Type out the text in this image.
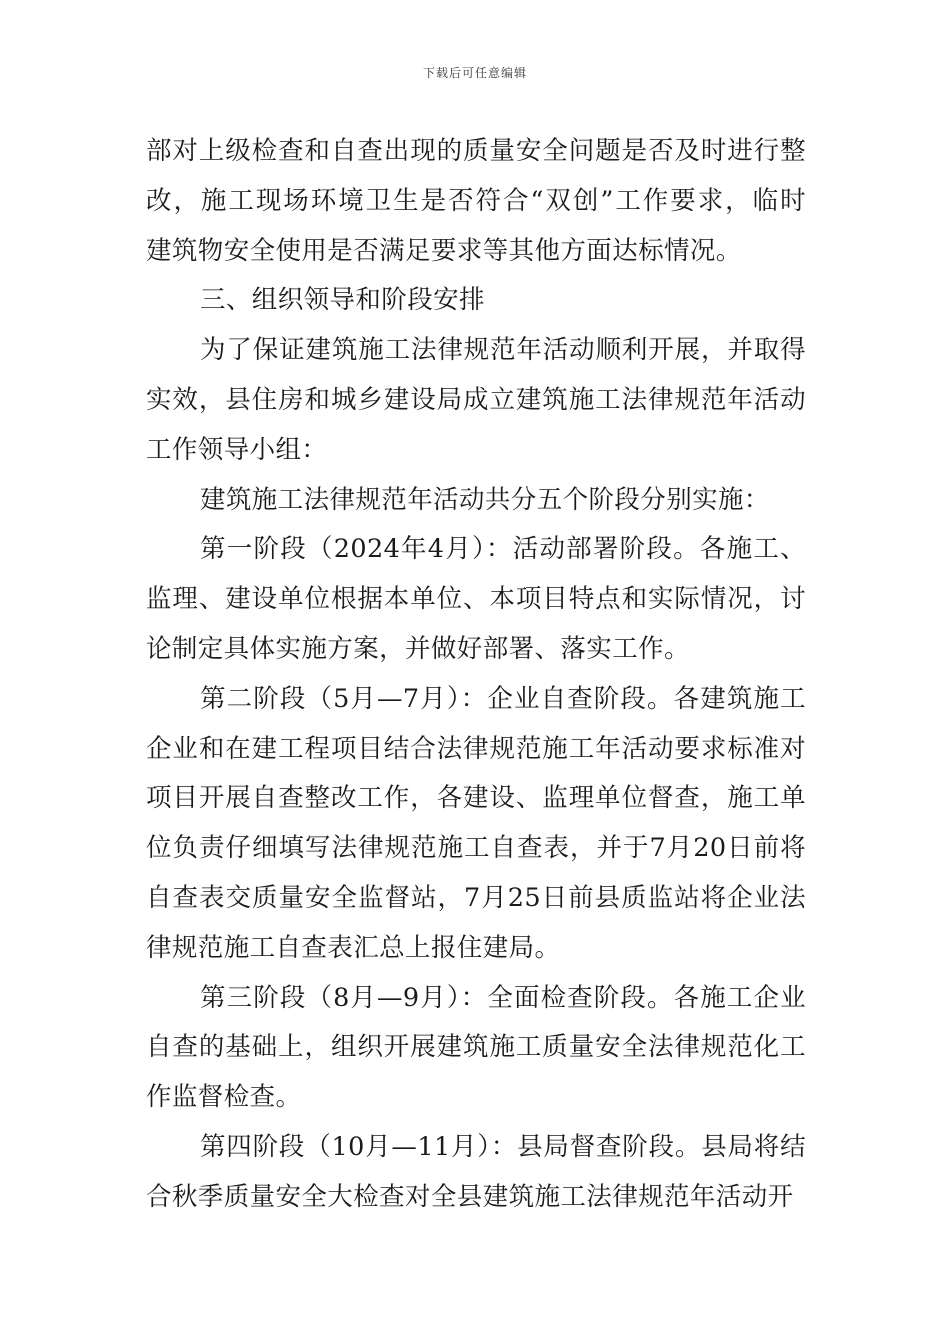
下载后可任意编辑
部对上级检查和自查出现的质量安全问题是否及时进行整
改，施工现场环境卫生是否符合“双创”工作要求，临时
建筑物安全使用是否满足要求等其他方面达标情况。
三、组织领导和阶段安排
为了保证建筑施工法律规范年活动顺利开展，并取得
实效，县住房和城乡建设局成立建筑施工法律规范年活动
工作领导小组：
建筑施工法律规范年活动共分五个阶段分别实施：
第一阶段（2024年4月）：活动部署阶段。各施工、
监理、建设单位根据本单位、本项目特点和实际情况，讨
论制定具体实施方案，并做好部署、落实工作。
第二阶段（5月—7月）：企业自查阶段。各建筑施工
企业和在建工程项目结合法律规范施工年活动要求标准对
项目开展自查整改工作，各建设、监理单位督查，施工单
位负责仔细填写法律规范施工自查表，并于7月20日前将
自查表交质量安全监督站，7月25日前县质监站将企业法
律规范施工自查表汇总上报住建局。
第三阶段（8月—9月）：全面检查阶段。各施工企业
自查的基础上，组织开展建筑施工质量安全法律规范化工
作监督检查。
第四阶段（10月—11月）：县局督查阶段。县局将结
合秋季质量安全大检查对全县建筑施工法律规范年活动开
